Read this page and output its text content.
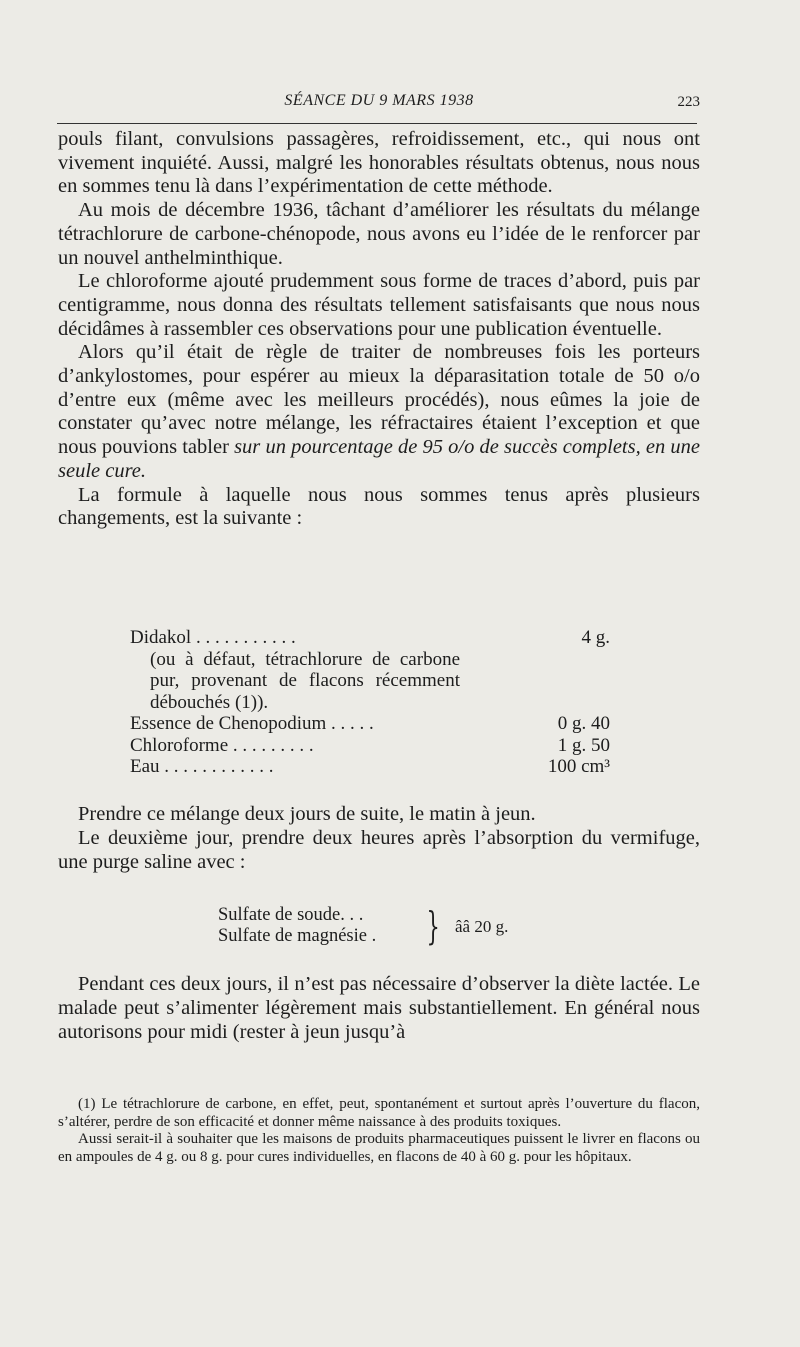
SÉANCE DU 9 MARS 1938	223

pouls filant, convulsions passagères, refroidissement, etc., qui nous ont vivement inquiété. Aussi, malgré les honorables résultats obtenus, nous nous en sommes tenu là dans l’expérimentation de cette méthode.

Au mois de décembre 1936, tâchant d’améliorer les résultats du mélange tétrachlorure de carbone-chénopode, nous avons eu l’idée de le renforcer par un nouvel anthelminthique.

Le chloroforme ajouté prudemment sous forme de traces d’abord, puis par centigramme, nous donna des résultats tellement satisfaisants que nous nous décidâmes à rassembler ces observations pour une publication éventuelle.

Alors qu’il était de règle de traiter de nombreuses fois les porteurs d’ankylostomes, pour espérer au mieux la déparasitation totale de 50 o/o d’entre eux (même avec les meilleurs procédés), nous eûmes la joie de constater qu’avec notre mélange, les réfractaires étaient l’exception et que nous pouvions tabler sur un pourcentage de 95 o/o de succès complets, en une seule cure.

La formule à laquelle nous nous sommes tenus après plusieurs changements, est la suivante :

Didakol . . . . . . . . . . .	4 g.
(ou à défaut, tétrachlorure de carbone pur, provenant de flacons récemment débouchés (1)).
Essence de Chenopodium . . . . .	0 g. 40
Chloroforme . . . . . . . . .	1 g. 50
Eau . . . . . . . . . . . .	100 cm³

Prendre ce mélange deux jours de suite, le matin à jeun.

Le deuxième jour, prendre deux heures après l’absorption du vermifuge, une purge saline avec :

Sulfate de soude. . .
Sulfate de magnésie .	} ââ 20 g.

Pendant ces deux jours, il n’est pas nécessaire d’observer la diète lactée. Le malade peut s’alimenter légèrement mais substantiellement. En général nous autorisons pour midi (rester à jeun jusqu’à

(1) Le tétrachlorure de carbone, en effet, peut, spontanément et surtout après l’ouverture du flacon, s’altérer, perdre de son efficacité et donner même naissance à des produits toxiques.

Aussi serait-il à souhaiter que les maisons de produits pharmaceutiques puissent le livrer en flacons ou en ampoules de 4 g. ou 8 g. pour cures individuelles, en flacons de 40 à 60 g. pour les hôpitaux.
